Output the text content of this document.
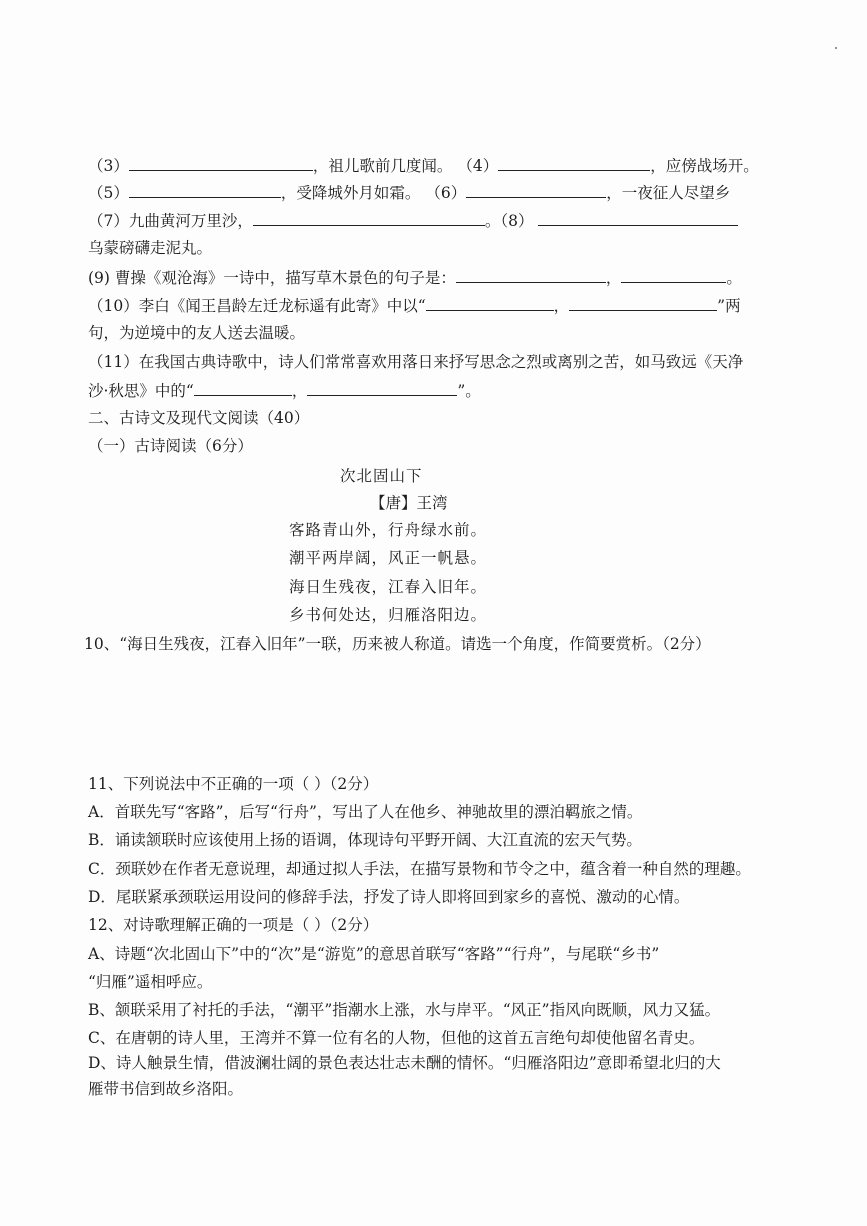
（3）	，祖儿歌前几度闻。 （4）	，应傍战场开。
（5）	，受降城外月如霜。 （6）	，一夜征人尽望乡
（7）九曲黄河万里沙，	。（8）
乌蒙磅礴走泥丸。
(9) 曹操《观沧海》一诗中，描写草木景色的句子是：	，	。
（10）李白《闻王昌龄左迁龙标遥有此寄》中以“	，	”两
句，为逆境中的友人送去温暖。
（11）在我国古典诗歌中，诗人们常常喜欢用落日来抒写思念之烈或离别之苦，如马致远《天净
沙·秋思》中的“	，	”。
二、古诗文及现代文阅读（40）
（一）古诗阅读（6分）
次北固山下
【唐】王湾
客路青山外，行舟绿水前。
潮平两岸阔，风正一帆悬。
海日生残夜，江春入旧年。
乡书何处达，归雁洛阳边。
10、“海日生残夜，江春入旧年”一联，历来被人称道。请选一个角度，作简要赏析。（2分）
11、下列说法中不正确的一项（ ）（2分）
A．首联先写“客路”，后写“行舟”，写出了人在他乡、神驰故里的漂泊羁旅之情。
B．诵读颔联时应该使用上扬的语调，体现诗句平野开阔、大江直流的宏天气势。
C．颈联妙在作者无意说理，却通过拟人手法，在描写景物和节令之中，蕴含着一种自然的理趣。
D．尾联紧承颈联运用设问的修辞手法，抒发了诗人即将回到家乡的喜悦、激动的心情。
12、对诗歌理解正确的一项是（ ）（2分）
A、诗题“次北固山下”中的“次”是“游览”的意思首联写“客路”“行舟”，与尾联“乡书”
“归雁”遥相呼应。
B、颔联采用了衬托的手法，“潮平”指潮水上涨，水与岸平。“风正”指风向既顺，风力又猛。
C、在唐朝的诗人里，王湾并不算一位有名的人物，但他的这首五言绝句却使他留名青史。
D、诗人触景生情，借波澜壮阔的景色表达壮志未酬的情怀。“归雁洛阳边”意即希望北归的大
雁带书信到故乡洛阳。
